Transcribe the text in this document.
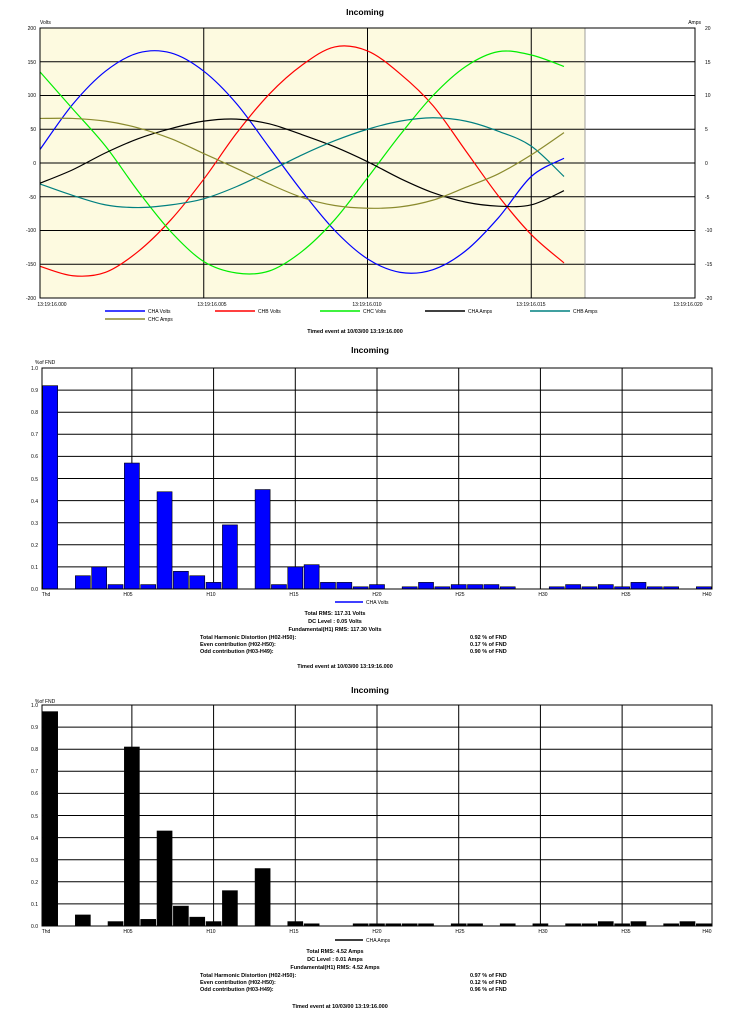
Incoming
Volts	Amps
200
150
100
50
0
-50
-100
-150
-200
20
15
10
5
0
-5
-10
-15
-20
13:19:16.000	13:19:16.005	13:19:16.010	13:19:16.015	13:19:16.020
CHA Volts	CHB Volts	CHC Volts	CHA Amps	CHB Amps
CHC Amps
Timed event at 10/03/00 13:19:16.000
Incoming
%of FND
1.0
0.9
0.8
0.7
0.6
0.5
0.4
0.3
0.2
0.1
0.0
Thd	H05	H10	H15	H20	H25	H30	H35	H40
CHA Volts
Total RMS: 117.31 Volts
DC Level : 0.05 Volts
Fundamental(H1) RMS: 117.30 Volts
Total Harmonic Distortion (H02-H50):	0.92 % of FND
Even contribution (H02-H50):	0.17 % of FND
Odd contribution (H03-H49):	0.90 % of FND
Timed event at 10/03/00 13:19:16.000
Incoming
%of FND
1.0
0.9
0.8
0.7
0.6
0.5
0.4
0.3
0.2
0.1
0.0
Thd	H05	H10	H15	H20	H25	H30	H35	H40
CHA Amps
Total RMS: 4.52 Amps
DC Level : 0.01 Amps
Fundamental(H1) RMS: 4.52 Amps
Total Harmonic Distortion (H02-H50):	0.97 % of FND
Even contribution (H02-H50):	0.12 % of FND
Odd contribution (H03-H49):	0.96 % of FND
Timed event at 10/03/00 13:19:16.000
